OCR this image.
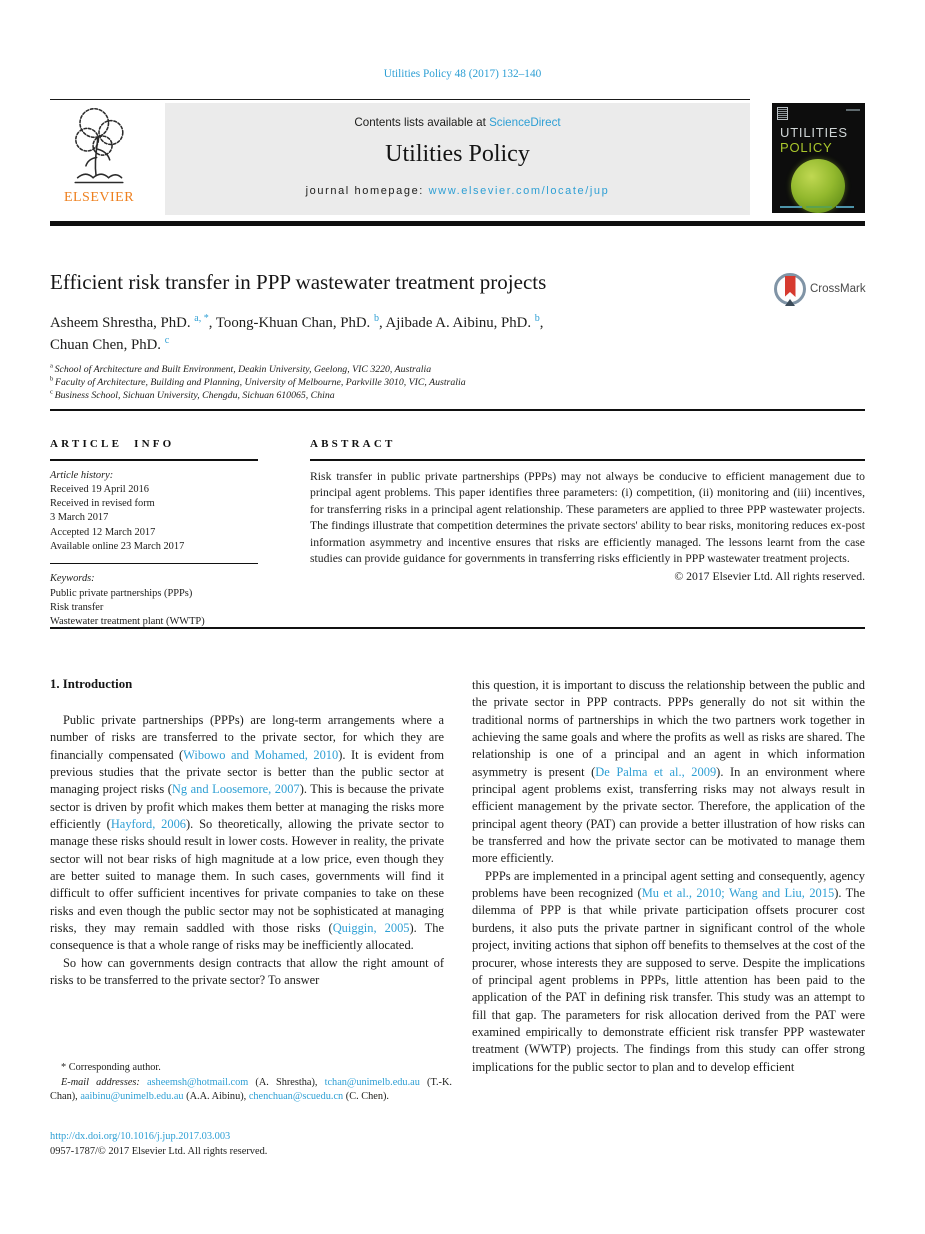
Utilities Policy 48 (2017) 132–140
ELSEVIER
Contents lists available at ScienceDirect
Utilities Policy
journal homepage: www.elsevier.com/locate/jup
UTILITIES
POLICY
Efficient risk transfer in PPP wastewater treatment projects	CrossMark
Asheem Shrestha, PhD. $^{a, *}$, Toong-Khuan Chan, PhD. $^b$, Ajibade A. Aibinu, PhD. $^b$,
Chuan Chen, PhD. $^c$
$^a$ School of Architecture and Built Environment, Deakin University, Geelong, VIC 3220, Australia
$^b$ Faculty of Architecture, Building and Planning, University of Melbourne, Parkville 3010, VIC, Australia
$^c$ Business School, Sichuan University, Chengdu, Sichuan 610065, China
ARTICLE INFO
Article history:
Received 19 April 2016
Received in revised form
3 March 2017
Accepted 12 March 2017
Available online 23 March 2017
Keywords:
Public private partnerships (PPPs)
Risk transfer
Wastewater treatment plant (WWTP)
ABSTRACT
Risk transfer in public private partnerships (PPPs) may not always be conducive to efficient management due to principal agent problems. This paper identifies three parameters: (i) competition, (ii) monitoring and (iii) incentives, for transferring risks in a principal agent relationship. These parameters are applied to three PPP wastewater projects. The findings illustrate that competition determines the private sectors' ability to bear risks, monitoring reduces ex-post information asymmetry and incentive ensures that risks are efficiently managed. The lessons learnt from the case studies can provide guidance for governments in transferring risks efficiently in PPP wastewater treatment projects.
© 2017 Elsevier Ltd. All rights reserved.
1. Introduction

Public private partnerships (PPPs) are long-term arrangements where a number of risks are transferred to the private sector, for which they are financially compensated (Wibowo and Mohamed, 2010). It is evident from previous studies that the private sector is better than the public sector at managing project risks (Ng and Loosemore, 2007). This is because the private sector is driven by profit which makes them better at managing the risks more efficiently (Hayford, 2006). So theoretically, allowing the private sector to manage these risks should result in lower costs. However in reality, the private sector will not bear risks of high magnitude at a low price, even though they are better suited to manage them. In such cases, governments will find it difficult to offer sufficient incentives for private companies to take on these risks and even though the public sector may not be sophisticated at managing risks, they may remain saddled with those risks (Quiggin, 2005). The consequence is that a whole range of risks may be inefficiently allocated.

So how can governments design contracts that allow the right amount of risks to be transferred to the private sector? To answer

this question, it is important to discuss the relationship between the public and the private sector in PPP contracts. PPPs generally do not sit within the traditional norms of partnerships in which the two partners work together in achieving the same goals and where the profits as well as risks are shared. The relationship is one of a principal and an agent in which information asymmetry is present (De Palma et al., 2009). In an environment where principal agent problems exist, transferring risks may not always result in efficient management by the private sector. Therefore, the application of the principal agent theory (PAT) can provide a better illustration of how risks can be transferred and how the private sector can be motivated to manage them more efficiently.

PPPs are implemented in a principal agent setting and consequently, agency problems have been recognized (Mu et al., 2010; Wang and Liu, 2015). The dilemma of PPP is that while private participation offsets procurer cost burdens, it also puts the private partner in significant control of the whole project, inviting actions that siphon off benefits to themselves at the cost of the procurer, whose interests they are supposed to serve. Despite the implications of principal agent problems in PPPs, little attention has been paid to the application of the PAT in defining risk transfer. This study was an attempt to fill that gap. The parameters for risk allocation derived from the PAT were examined empirically to demonstrate efficient risk transfer PPP wastewater treatment (WWTP) projects. The findings from this study can offer strong implications for the public sector to plan and to develop efficient

* Corresponding author.
E-mail addresses: asheemsh@hotmail.com (A. Shrestha), tchan@unimelb.edu.au (T.-K. Chan), aaibinu@unimelb.edu.au (A.A. Aibinu), chenchuan@scuedu.cn (C. Chen).
http://dx.doi.org/10.1016/j.jup.2017.03.003
0957-1787/© 2017 Elsevier Ltd. All rights reserved.
